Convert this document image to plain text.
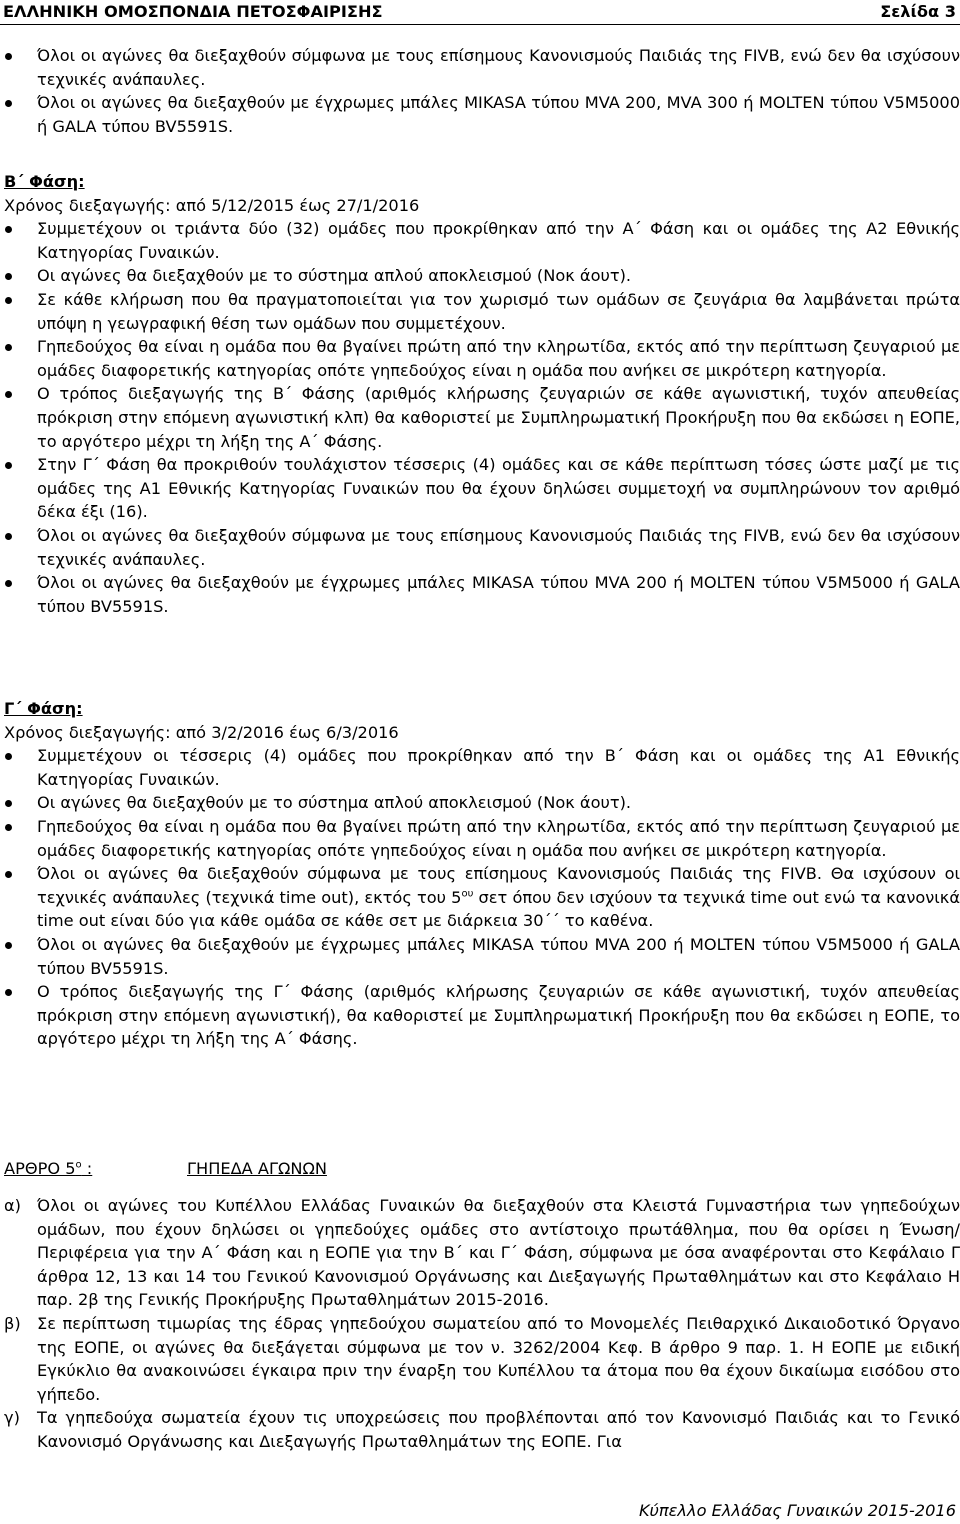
ΕΛΛΗΝΙΚΗ ΟΜΟΣΠΟΝΔΙΑ ΠΕΤΟΣΦΑΙΡΙΣΗΣ	Σελίδα 3
Όλοι οι αγώνες θα διεξαχθούν σύμφωνα με τους επίσημους Κανονισμούς Παιδιάς της FIVB, ενώ δεν θα ισχύσουν τεχνικές ανάπαυλες.
Όλοι οι αγώνες θα διεξαχθούν με έγχρωμες μπάλες MIKASA τύπου MVA 200, MVA 300 ή MOLTEN τύπου V5M5000 ή GALA τύπου BV5591S.
Β΄ Φάση:
Χρόνος διεξαγωγής: από 5/12/2015 έως 27/1/2016
Συμμετέχουν οι τριάντα δύο (32) ομάδες που προκρίθηκαν από την Α΄ Φάση και οι ομάδες της Α2 Εθνικής Κατηγορίας Γυναικών.
Οι αγώνες θα διεξαχθούν με το σύστημα απλού αποκλεισμού (Νοκ άουτ).
Σε κάθε κλήρωση που θα πραγματοποιείται για τον χωρισμό των ομάδων σε ζευγάρια θα λαμβάνεται πρώτα υπόψη η γεωγραφική θέση των ομάδων που συμμετέχουν.
Γηπεδούχος θα είναι η ομάδα που θα βγαίνει πρώτη από την κληρωτίδα, εκτός από την περίπτωση ζευγαριού με ομάδες διαφορετικής κατηγορίας οπότε γηπεδούχος είναι η ομάδα που ανήκει σε μικρότερη κατηγορία.
Ο τρόπος διεξαγωγής της Β΄ Φάσης (αριθμός κλήρωσης ζευγαριών σε κάθε αγωνιστική, τυχόν απευθείας πρόκριση στην επόμενη αγωνιστική κλπ) θα καθοριστεί με Συμπληρωματική Προκήρυξη που θα εκδώσει η ΕΟΠΕ, το αργότερο μέχρι τη λήξη της Α΄ Φάσης.
Στην Γ΄ Φάση θα προκριθούν τουλάχιστον τέσσερις (4) ομάδες και σε κάθε περίπτωση τόσες ώστε μαζί με τις ομάδες της Α1 Εθνικής Κατηγορίας Γυναικών που θα έχουν δηλώσει συμμετοχή να συμπληρώνουν τον αριθμό δέκα έξι (16).
Όλοι οι αγώνες θα διεξαχθούν σύμφωνα με τους επίσημους Κανονισμούς Παιδιάς της FIVB, ενώ δεν θα ισχύσουν τεχνικές ανάπαυλες.
Όλοι οι αγώνες θα διεξαχθούν με έγχρωμες μπάλες MIKASA τύπου MVA 200 ή MOLTEN τύπου V5M5000 ή GALA τύπου BV5591S.
Γ΄ Φάση:
Χρόνος διεξαγωγής: από 3/2/2016 έως 6/3/2016
Συμμετέχουν οι τέσσερις (4) ομάδες που προκρίθηκαν από την Β΄ Φάση και οι ομάδες της Α1 Εθνικής Κατηγορίας Γυναικών.
Οι αγώνες θα διεξαχθούν με το σύστημα απλού αποκλεισμού (Νοκ άουτ).
Γηπεδούχος θα είναι η ομάδα που θα βγαίνει πρώτη από την κληρωτίδα, εκτός από την περίπτωση ζευγαριού με ομάδες διαφορετικής κατηγορίας οπότε γηπεδούχος είναι η ομάδα που ανήκει σε μικρότερη κατηγορία.
Όλοι οι αγώνες θα διεξαχθούν σύμφωνα με τους επίσημους Κανονισμούς Παιδιάς της FIVB. Θα ισχύσουν οι τεχνικές ανάπαυλες (τεχνικά time out), εκτός του $5^{o\upsilon}$ σετ όπου δεν ισχύουν τα τεχνικά time out ενώ τα κανονικά time out είναι δύο για κάθε ομάδα σε κάθε σετ με διάρκεια 30΄΄ το καθένα.
Όλοι οι αγώνες θα διεξαχθούν με έγχρωμες μπάλες MIKASA τύπου MVA 200 ή MOLTEN τύπου V5M5000 ή GALA τύπου BV5591S.
Ο τρόπος διεξαγωγής της Γ΄ Φάσης (αριθμός κλήρωσης ζευγαριών σε κάθε αγωνιστική, τυχόν απευθείας πρόκριση στην επόμενη αγωνιστική), θα καθοριστεί με Συμπληρωματική Προκήρυξη που θα εκδώσει η ΕΟΠΕ, το αργότερο μέχρι τη λήξη της Α΄ Φάσης.
ΑΡΘΡΟ $5^o$ :	ΓΗΠΕΔΑ ΑΓΩΝΩΝ
α) Όλοι οι αγώνες του Κυπέλλου Ελλάδας Γυναικών θα διεξαχθούν στα Κλειστά Γυμναστήρια των γηπεδούχων ομάδων, που έχουν δηλώσει οι γηπεδούχες ομάδες στο αντίστοιχο πρωτάθλημα, που θα ορίσει η Ένωση/Περιφέρεια για την Α΄ Φάση και η ΕΟΠΕ για την Β΄ και Γ΄ Φάση, σύμφωνα με όσα αναφέρονται στο Κεφάλαιο Γ άρθρα 12, 13 και 14 του Γενικού Κανονισμού Οργάνωσης και Διεξαγωγής Πρωταθλημάτων και στο Κεφάλαιο Η παρ. 2β της Γενικής Προκήρυξης Πρωταθλημάτων 2015-2016.
β) Σε περίπτωση τιμωρίας της έδρας γηπεδούχου σωματείου από το Μονομελές Πειθαρχικό Δικαιοδοτικό Όργανο της ΕΟΠΕ, οι αγώνες θα διεξάγεται σύμφωνα με τον ν. 3262/2004 Κεφ. Β άρθρο 9 παρ. 1. Η ΕΟΠΕ με ειδική Εγκύκλιο θα ανακοινώσει έγκαιρα πριν την έναρξη του Κυπέλλου τα άτομα που θα έχουν δικαίωμα εισόδου στο γήπεδο.
γ) Τα γηπεδούχα σωματεία έχουν τις υποχρεώσεις που προβλέπονται από τον Κανονισμό Παιδιάς και το Γενικό Κανονισμό Οργάνωσης και Διεξαγωγής Πρωταθλημάτων της ΕΟΠΕ. Για
Κύπελλο Ελλάδας Γυναικών 2015-2016
